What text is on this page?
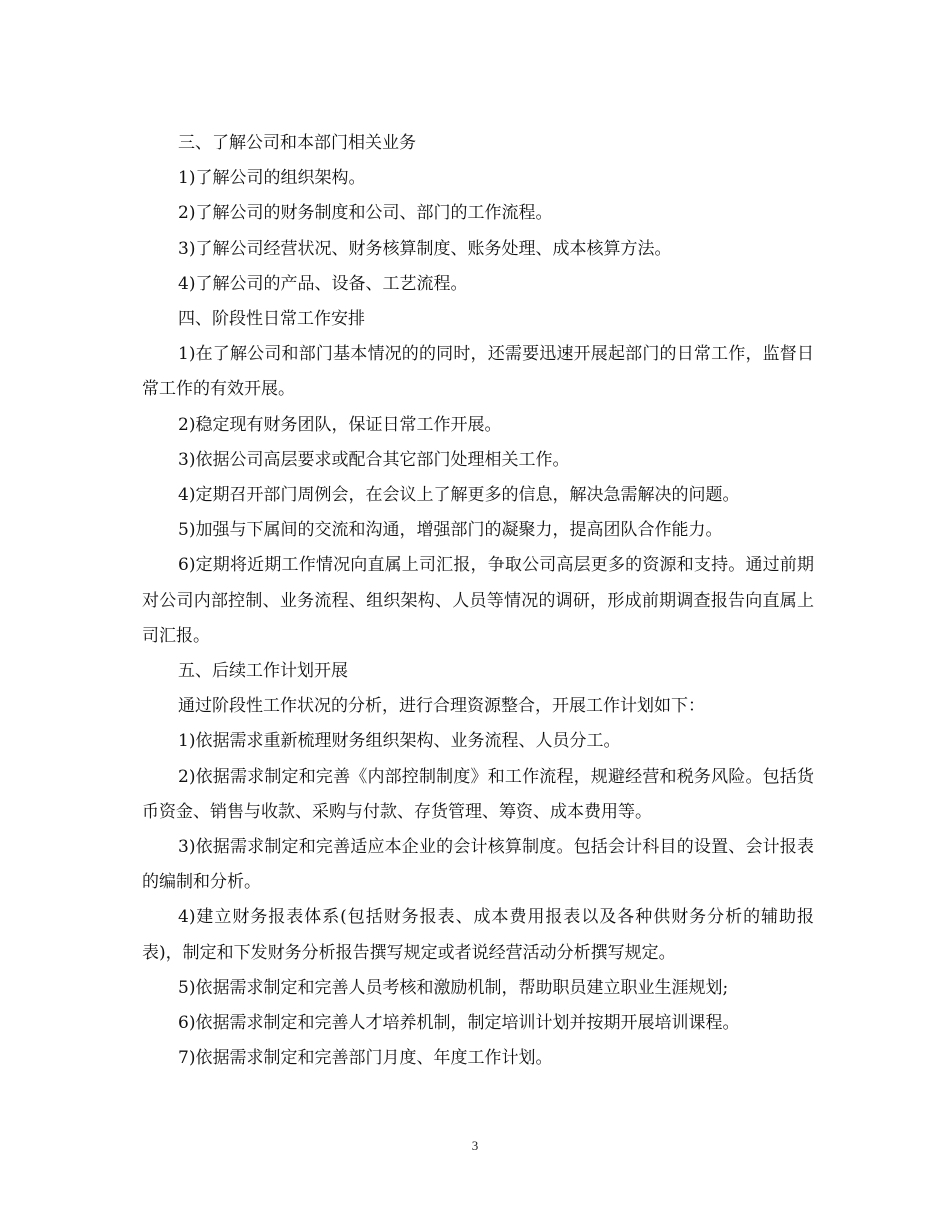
三、了解公司和本部门相关业务

1)了解公司的组织架构。

2)了解公司的财务制度和公司、部门的工作流程。

3)了解公司经营状况、财务核算制度、账务处理、成本核算方法。

4)了解公司的产品、设备、工艺流程。

四、阶段性日常工作安排

1)在了解公司和部门基本情况的的同时，还需要迅速开展起部门的日常工作，监督日常工作的有效开展。

2)稳定现有财务团队，保证日常工作开展。

3)依据公司高层要求或配合其它部门处理相关工作。

4)定期召开部门周例会，在会议上了解更多的信息，解决急需解决的问题。

5)加强与下属间的交流和沟通，增强部门的凝聚力，提高团队合作能力。

6)定期将近期工作情况向直属上司汇报，争取公司高层更多的资源和支持。通过前期对公司内部控制、业务流程、组织架构、人员等情况的调研，形成前期调查报告向直属上司汇报。

五、后续工作计划开展

通过阶段性工作状况的分析，进行合理资源整合，开展工作计划如下：

1)依据需求重新梳理财务组织架构、业务流程、人员分工。

2)依据需求制定和完善《内部控制制度》和工作流程，规避经营和税务风险。包括货币资金、销售与收款、采购与付款、存货管理、筹资、成本费用等。

3)依据需求制定和完善适应本企业的会计核算制度。包括会计科目的设置、会计报表的编制和分析。

4)建立财务报表体系(包括财务报表、成本费用报表以及各种供财务分析的辅助报表)，制定和下发财务分析报告撰写规定或者说经营活动分析撰写规定。

5)依据需求制定和完善人员考核和激励机制，帮助职员建立职业生涯规划;

6)依据需求制定和完善人才培养机制，制定培训计划并按期开展培训课程。

7)依据需求制定和完善部门月度、年度工作计划。

3
